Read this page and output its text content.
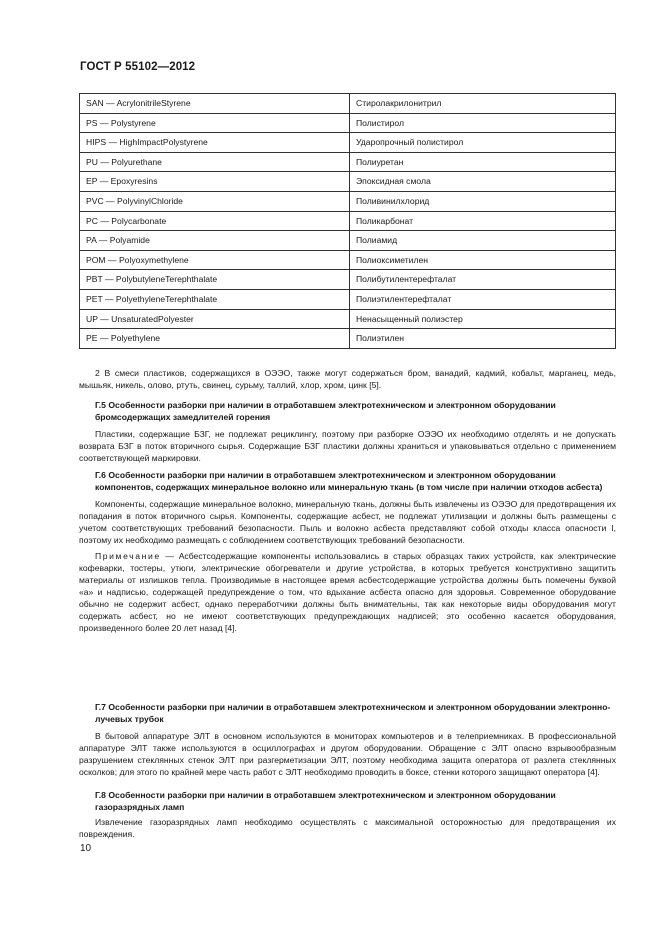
ГОСТ Р 55102—2012
SAN — AcrylonitrileStyrene	Стиролакрилонитрил
PS — Polystyrene	Полистирол
HIPS — HighImpactPolystyrene	Ударопрочный полистирол
PU — Polyurethane	Полиуретан
EP — Epoxyresins	Эпоксидная смола
PVC — PolyvinylChloride	Поливинилхлорид
PC — Polycarbonate	Поликарбонат
PA — Polyamide	Полиамид
POM — Polyoxymethylene	Полиоксиметилен
PBT — PolybutyleneTerephthalate	Полибутилентерефталат
PET — PolyethyleneTerephthalate	Полиэтилентерефталат
UP — UnsaturatedPolyester	Ненасыщенный полиэстер
PE — Polyethylene	Полиэтилен

2 В смеси пластиков, содержащихся в ОЭЭО, также могут содержаться бром, ванадий, кадмий, кобальт, марганец, медь, мышьяк, никель, олово, ртуть, свинец, сурьму, таллий, хлор, хром, цинк [5].

Г.5 Особенности разборки при наличии в отработавшем электротехническом и электронном оборудовании бромсодержащих замедлителей горения

Пластики, содержащие БЗГ, не подлежат рециклингу, поэтому при разборке ОЭЭО их необходимо отделять и не допускать возврата БЗГ в поток вторичного сырья. Содержащие БЗГ пластики должны храниться и упаковываться отдельно с применением соответствующей маркировки.

Г.6 Особенности разборки при наличии в отработавшем электротехническом и электронном оборудовании компонентов, содержащих минеральное волокно или минеральную ткань (в том числе при наличии отходов асбеста)

Компоненты, содержащие минеральное волокно, минеральную ткань, должны быть извлечены из ОЭЭО для предотвращения их попадания в поток вторичного сырья. Компоненты, содержащие асбест, не подлежат утилизации и должны быть размещены с учетом соответствующих требований безопасности. Пыль и волокно асбеста представляют собой отходы класса опасности I, поэтому их необходимо размещать с соблюдением соответствующих требований безопасности.

Примечание — Асбестсодержащие компоненты использовались в старых образцах таких устройств, как электрические кофеварки, тостеры, утюги, электрические обогреватели и другие устройства, в которых требуется конструктивно защитить материалы от излишков тепла. Производимые в настоящее время асбестсодержащие устройства должны быть помечены буквой «а» и надписью, содержащей предупреждение о том, что вдыхание асбеста опасно для здоровья. Современное оборудование обычно не содержит асбест, однако переработчики должны быть внимательны, так как некоторые виды оборудования могут содержать асбест, но не имеют соответствующих предупреждающих надписей; это особенно касается оборудования, произведенного более 20 лет назад [4].

Г.7 Особенности разборки при наличии в отработавшем электротехническом и электронном оборудовании электронно-лучевых трубок

В бытовой аппаратуре ЭЛТ в основном используются в мониторах компьютеров и в телеприемниках. В профессиональной аппаратуре ЭЛТ также используются в осциллографах и другом оборудовании. Обращение с ЭЛТ опасно взрывообразным разрушением стеклянных стенок ЭЛТ при разгерметизации ЭЛТ, поэтому необходима защита оператора от разлета стеклянных осколков; для этого по крайней мере часть работ с ЭЛТ необходимо проводить в боксе, стенки которого защищают оператора [4].

Г.8 Особенности разборки при наличии в отработавшем электротехническом и электронном оборудовании газоразрядных ламп

Извлечение газоразрядных ламп необходимо осуществлять с максимальной осторожностью для предотвращения их повреждения.

10
